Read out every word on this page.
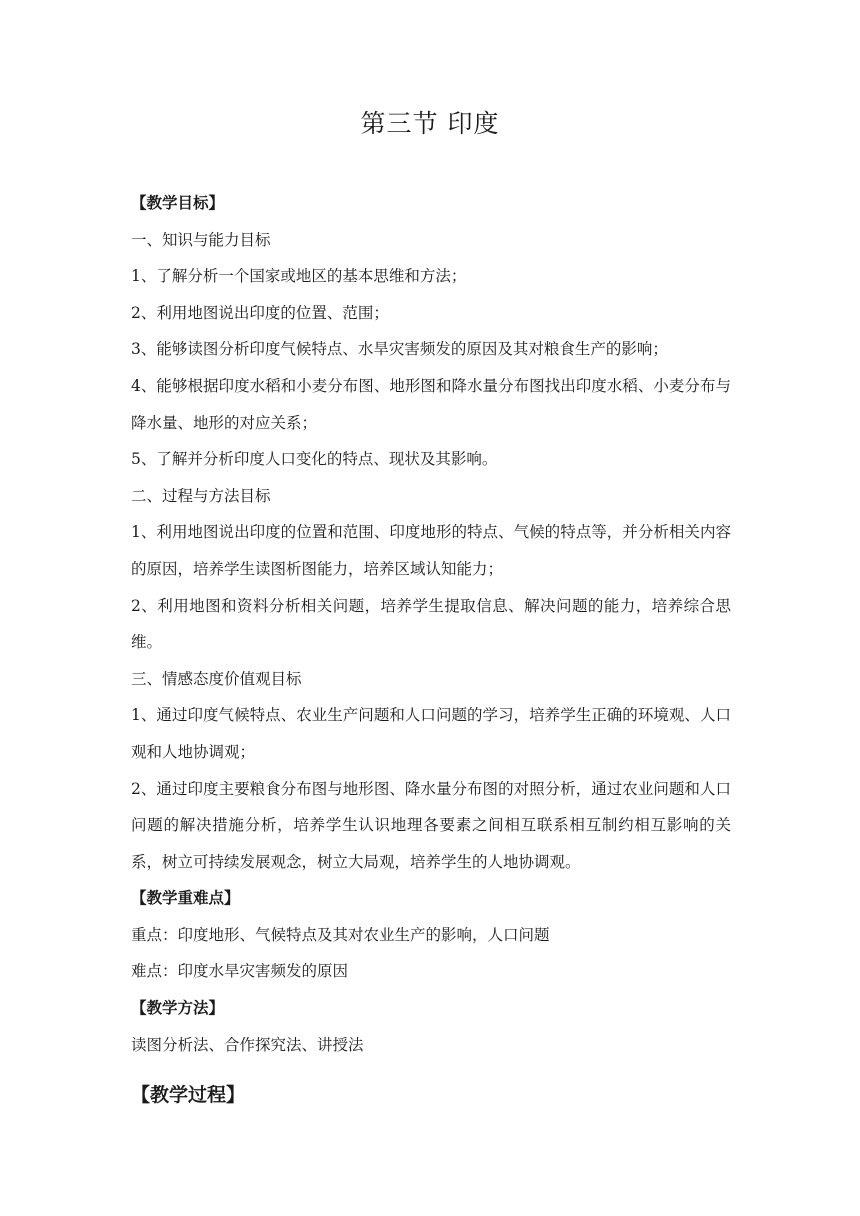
第三节 印度

【教学目标】

一、知识与能力目标

1、了解分析一个国家或地区的基本思维和方法；

2、利用地图说出印度的位置、范围；

3、能够读图分析印度气候特点、水旱灾害频发的原因及其对粮食生产的影响；

4、能够根据印度水稻和小麦分布图、地形图和降水量分布图找出印度水稻、小麦分布与降水量、地形的对应关系；

5、了解并分析印度人口变化的特点、现状及其影响。

二、过程与方法目标

1、利用地图说出印度的位置和范围、印度地形的特点、气候的特点等，并分析相关内容的原因，培养学生读图析图能力，培养区域认知能力；

2、利用地图和资料分析相关问题，培养学生提取信息、解决问题的能力，培养综合思维。

三、情感态度价值观目标

1、通过印度气候特点、农业生产问题和人口问题的学习，培养学生正确的环境观、人口观和人地协调观；

2、通过印度主要粮食分布图与地形图、降水量分布图的对照分析，通过农业问题和人口问题的解决措施分析，培养学生认识地理各要素之间相互联系相互制约相互影响的关系，树立可持续发展观念，树立大局观，培养学生的人地协调观。

【教学重难点】

重点：印度地形、气候特点及其对农业生产的影响，人口问题

难点：印度水旱灾害频发的原因

【教学方法】

读图分析法、合作探究法、讲授法

【教学过程】
